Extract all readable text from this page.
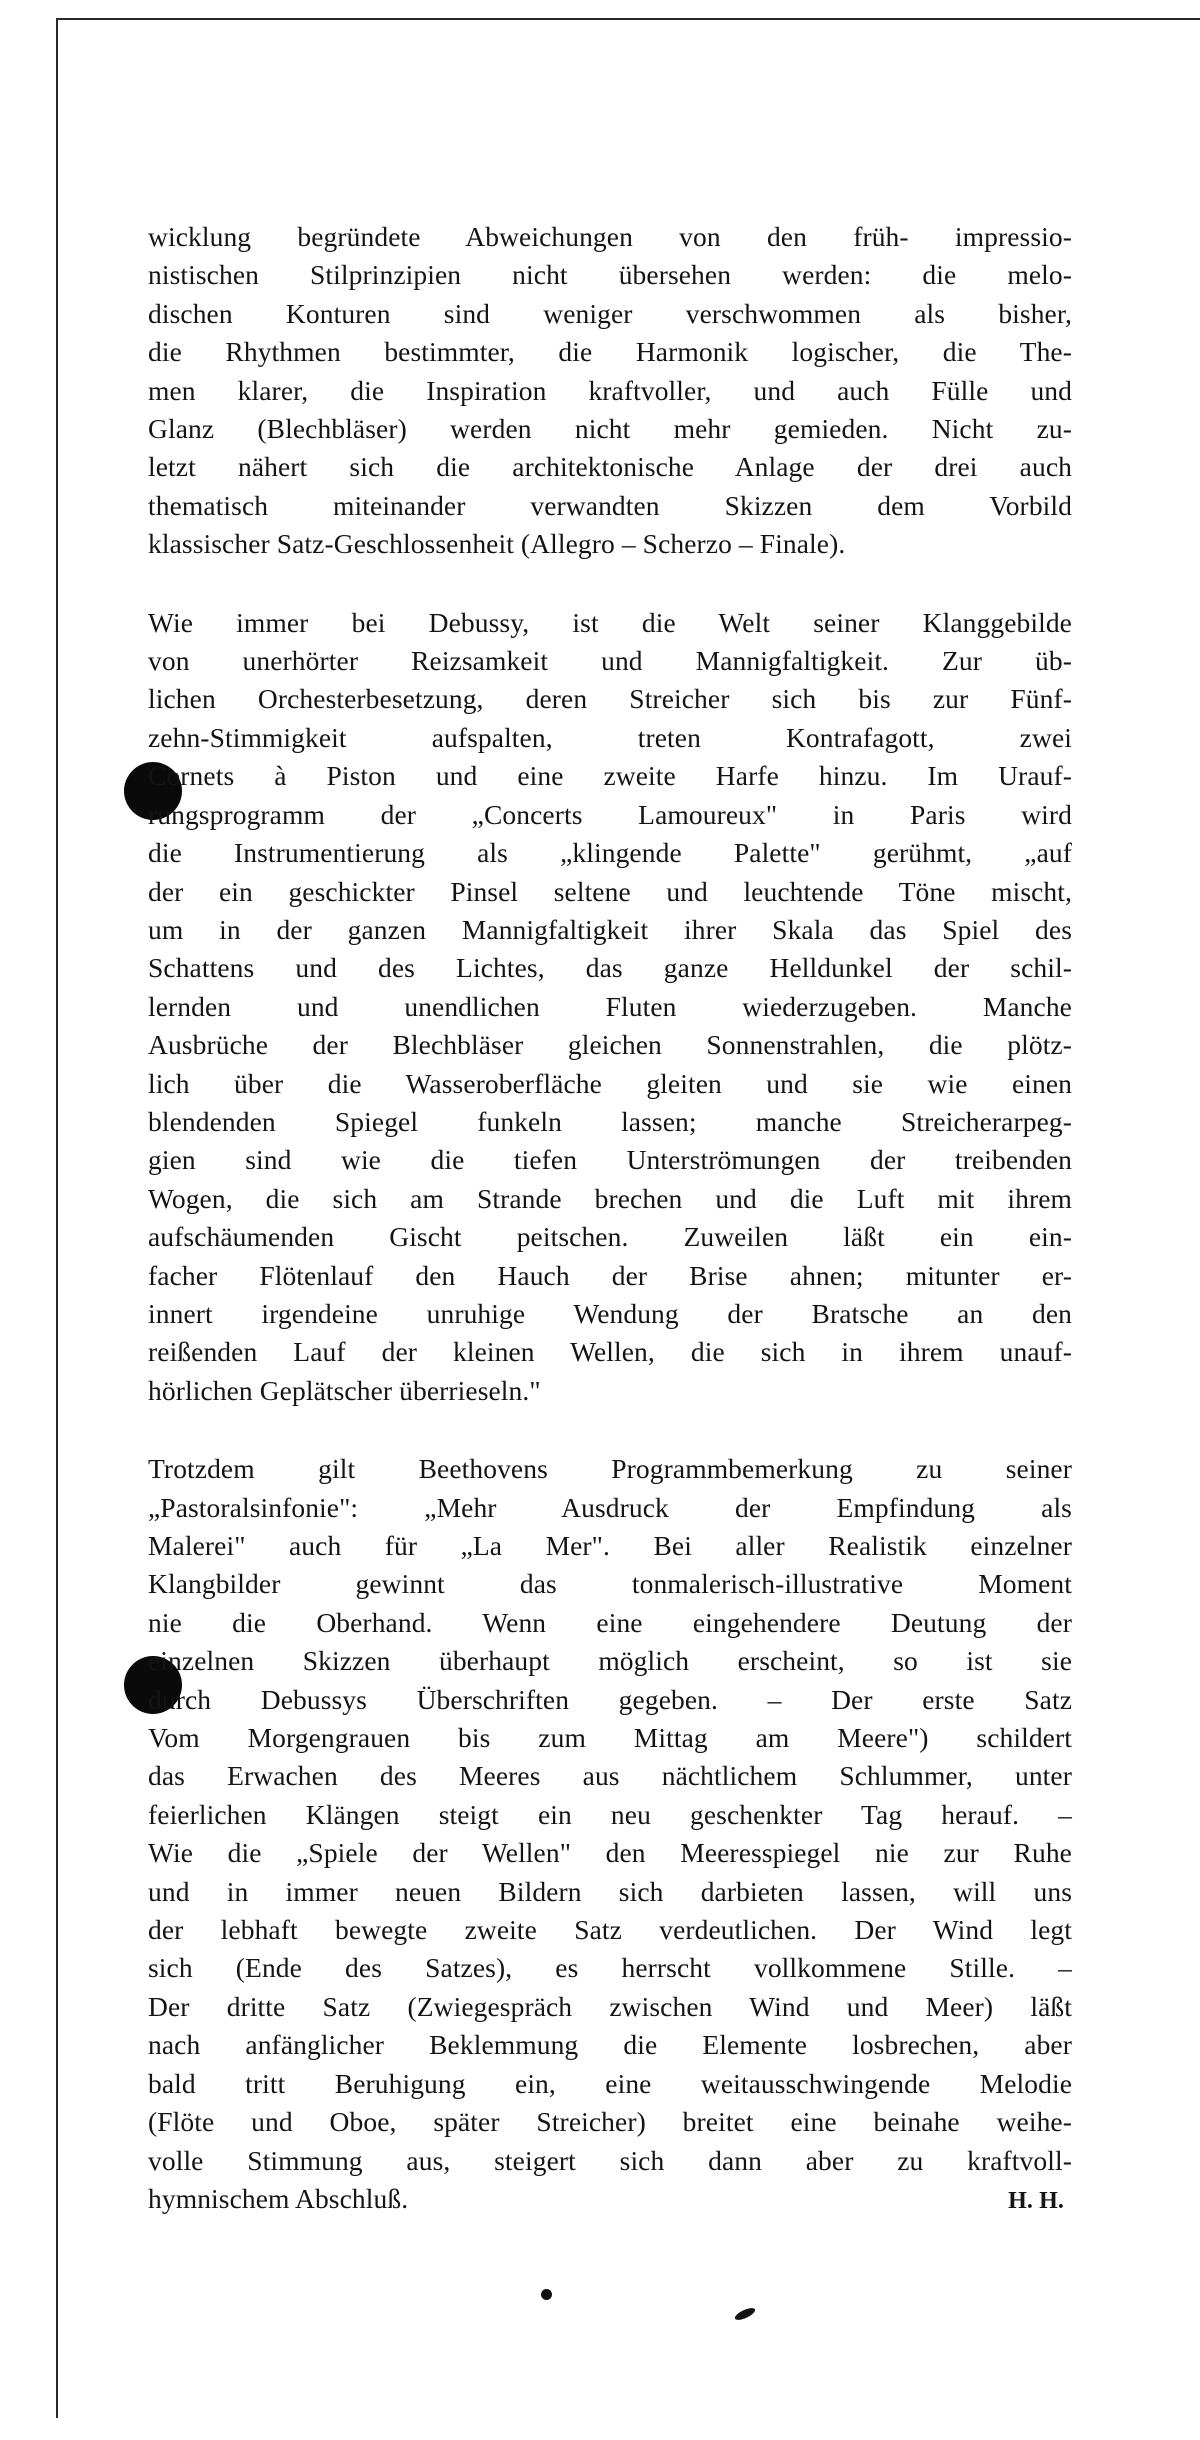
wicklung begründete Abweichungen von den früh- impressio-
nistischen Stilprinzipien nicht übersehen werden: die melo-
dischen Konturen sind weniger verschwommen als bisher,
die Rhythmen bestimmter, die Harmonik logischer, die The-
men klarer, die Inspiration kraftvoller, und auch Fülle und
Glanz (Blechbläser) werden nicht mehr gemieden. Nicht zu-
letzt nähert sich die architektonische Anlage der drei auch
thematisch miteinander verwandten Skizzen dem Vorbild
klassischer Satz-Geschlossenheit (Allegro – Scherzo – Finale).

Wie immer bei Debussy, ist die Welt seiner Klanggebilde
von unerhörter Reizsamkeit und Mannigfaltigkeit. Zur üb-
lichen Orchesterbesetzung, deren Streicher sich bis zur Fünf-
zehn-Stimmigkeit aufspalten, treten Kontrafagott, zwei
Cornets à Piston und eine zweite Harfe hinzu. Im Urauf-
rungsprogramm der „Concerts Lamoureux" in Paris wird
die Instrumentierung als „klingende Palette" gerühmt, „auf
der ein geschickter Pinsel seltene und leuchtende Töne mischt,
um in der ganzen Mannigfaltigkeit ihrer Skala das Spiel des
Schattens und des Lichtes, das ganze Helldunkel der schil-
lernden und unendlichen Fluten wiederzugeben. Manche
Ausbrüche der Blechbläser gleichen Sonnenstrahlen, die plötz-
lich über die Wasseroberfläche gleiten und sie wie einen
blendenden Spiegel funkeln lassen; manche Streicherarpeg-
gien sind wie die tiefen Unterströmungen der treibenden
Wogen, die sich am Strande brechen und die Luft mit ihrem
aufschäumenden Gischt peitschen. Zuweilen läßt ein ein-
facher Flötenlauf den Hauch der Brise ahnen; mitunter er-
innert irgendeine unruhige Wendung der Bratsche an den
reißenden Lauf der kleinen Wellen, die sich in ihrem unauf-
hörlichen Geplätscher überrieseln."

Trotzdem gilt Beethovens Programmbemerkung zu seiner
„Pastoralsinfonie": „Mehr Ausdruck der Empfindung als
Malerei" auch für „La Mer". Bei aller Realistik einzelner
Klangbilder gewinnt das tonmalerisch-illustrative Moment
nie die Oberhand. Wenn eine eingehendere Deutung der
einzelnen Skizzen überhaupt möglich erscheint, so ist sie
durch Debussys Überschriften gegeben. – Der erste Satz
Vom Morgengrauen bis zum Mittag am Meere") schildert
das Erwachen des Meeres aus nächtlichem Schlummer, unter
feierlichen Klängen steigt ein neu geschenkter Tag herauf. –
Wie die „Spiele der Wellen" den Meeresspiegel nie zur Ruhe
und in immer neuen Bildern sich darbieten lassen, will uns
der lebhaft bewegte zweite Satz verdeutlichen. Der Wind legt
sich (Ende des Satzes), es herrscht vollkommene Stille. –
Der dritte Satz (Zwiegespräch zwischen Wind und Meer) läßt
nach anfänglicher Beklemmung die Elemente losbrechen, aber
bald tritt Beruhigung ein, eine weitausschwingende Melodie
(Flöte und Oboe, später Streicher) breitet eine beinahe weihe-
volle Stimmung aus, steigert sich dann aber zu kraftvoll-
hymnischem Abschluß.	H. H.
